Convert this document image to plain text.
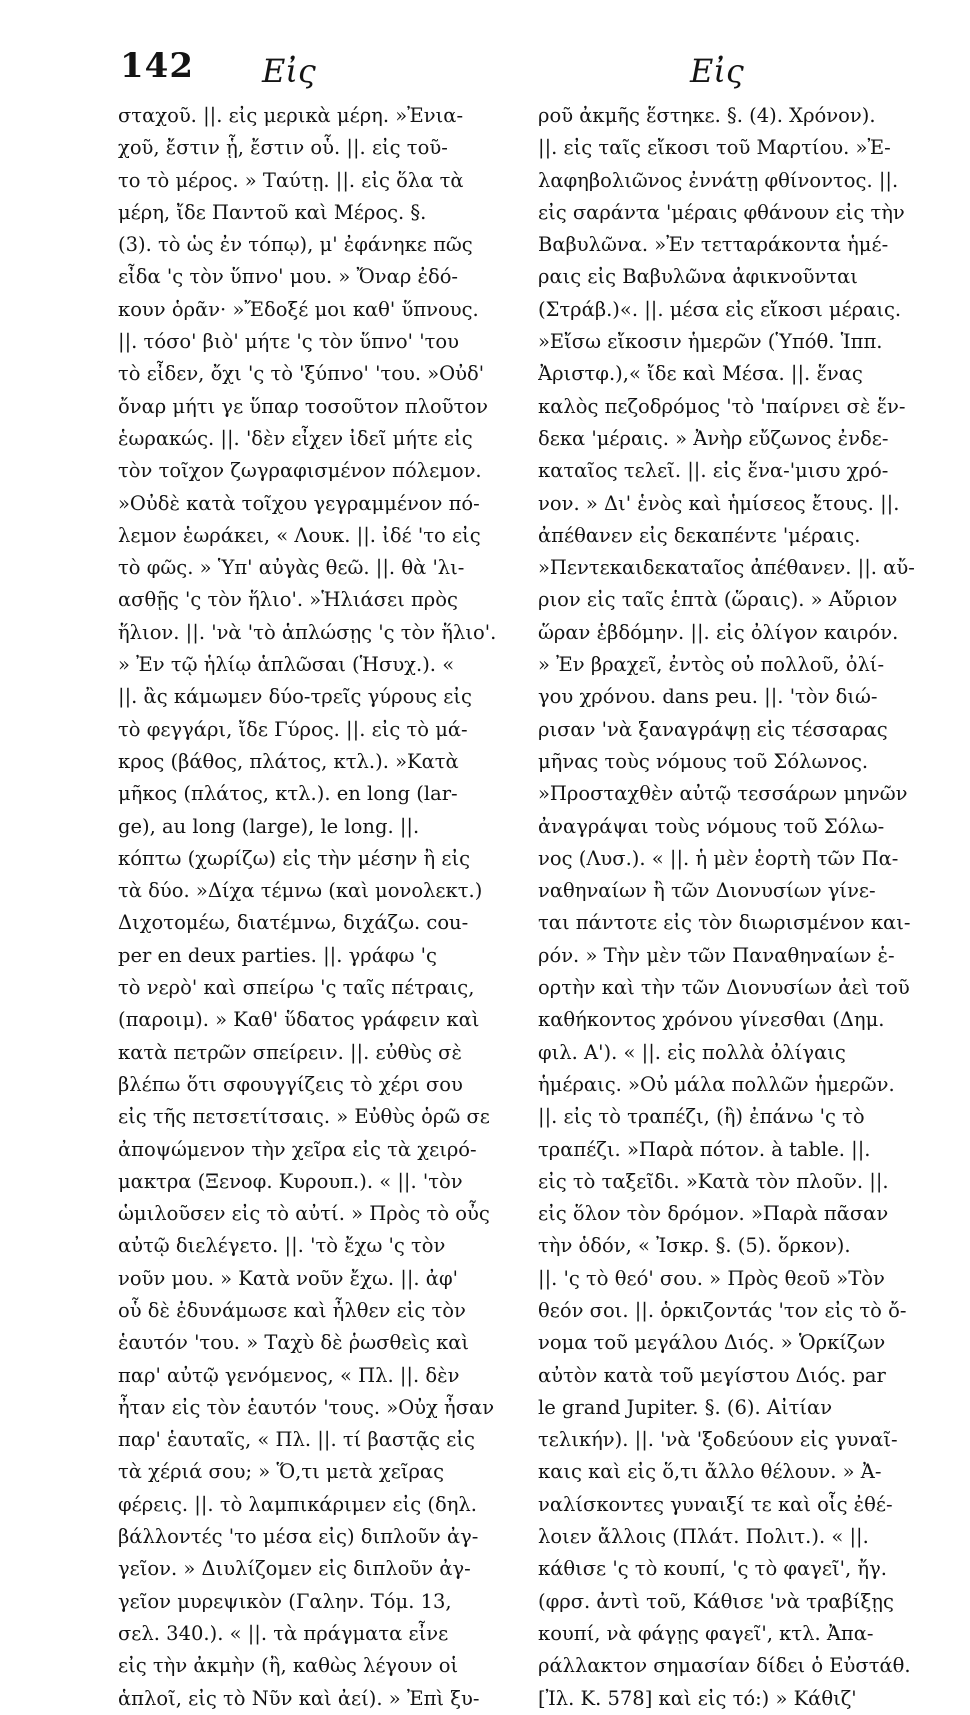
142 Εἰς	Εἰς
σταχοῦ. ||. εἰς μερικὰ μέρη. »Ἐνια-
χοῦ, ἔστιν ᾗ, ἔστιν οὗ. ||. εἰς τοῦ-
το τὸ μέρος. » Ταύτῃ. ||. εἰς ὅλα τὰ
μέρη, ἴδε Παντοῦ καὶ Μέρος. §.
(3). τὸ ὡς ἐν τόπῳ), μ' ἐφάνηκε πῶς
εἶδα 'ς τὸν ὕπνο' μου. » Ὄναρ ἐδό-
κουν ὁρᾶν· »Ἔδοξέ μοι καθ' ὕπνους.
||. τόσο' βιὸ' μήτε 'ς τὸν ὕπνο' 'του
τὸ εἶδεν, ὄχι 'ς τὸ 'ξύπνο' 'του. »Οὐδ'
ὄναρ μήτι γε ὕπαρ τοσοῦτον πλοῦτον
ἑωρακώς. ||. 'δὲν εἶχεν ἰδεῖ μήτε εἰς
τὸν τοῖχον ζωγραφισμένον πόλεμον.
»Οὐδὲ κατὰ τοῖχου γεγραμμένον πό-
λεμον ἑωράκει, « Λουκ. ||. ἰδέ 'το εἰς
τὸ φῶς. » Ὑπ' αὐγὰς θεῶ. ||. θὰ 'λι-
ασθῇς 'ς τὸν ἥλιο'. »Ἡλιάσει πρὸς
ἥλιον. ||. 'νὰ 'τὸ ἁπλώσῃς 'ς τὸν ἥλιο'.
» Ἐν τῷ ἡλίῳ ἁπλῶσαι (Ἡσυχ.). «
||. ἂς κάμωμεν δύο-τρεῖς γύρους εἰς
τὸ φεγγάρι, ἴδε Γύρος. ||. εἰς τὸ μά-
κρος (βάθος, πλάτος, κτλ.). »Κατὰ
μῆκος (πλάτος, κτλ.). en long (lar-
ge), au long (large), le long. ||.
κόπτω (χωρίζω) εἰς τὴν μέσην ἢ εἰς
τὰ δύο. »Δίχα τέμνω (καὶ μονολεκτ.)
Διχοτομέω, διατέμνω, διχάζω. cou-
per en deux parties. ||. γράφω 'ς
τὸ νερὸ' καὶ σπείρω 'ς ταῖς πέτραις,
(παροιμ). » Καθ' ὕδατος γράφειν καὶ
κατὰ πετρῶν σπείρειν. ||. εὐθὺς σὲ
βλέπω ὅτι σφουγγίζεις τὸ χέρι σου
εἰς τῆς πετσετίτσαις. » Εὐθὺς ὁρῶ σε
ἀποψώμενον τὴν χεῖρα εἰς τὰ χειρό-
μακτρα (Ξενοφ. Κυρουπ.). « ||. 'τὸν
ὡμιλοῦσεν εἰς τὸ αὐτί. » Πρὸς τὸ οὖς
αὐτῷ διελέγετο. ||. 'τὸ ἔχω 'ς τὸν
νοῦν μου. » Κατὰ νοῦν ἔχω. ||. ἀφ'
οὗ δὲ ἐδυνάμωσε καὶ ἦλθεν εἰς τὸν
ἑαυτόν 'του. » Ταχὺ δὲ ῥωσθεὶς καὶ
παρ' αὐτῷ γενόμενος, « Πλ. ||. δὲν
ἦταν εἰς τὸν ἑαυτόν 'τους. »Οὐχ ἦσαν
παρ' ἑαυταῖς, « Πλ. ||. τί βαστᾷς εἰς
τὰ χέριά σου; » Ὅ,τι μετὰ χεῖρας
φέρεις. ||. τὸ λαμπικάριμεν εἰς (δηλ.
βάλλοντές 'το μέσα εἰς) διπλοῦν ἀγ-
γεῖον. » Διυλίζομεν εἰς διπλοῦν ἀγ-
γεῖον μυρεψικὸν (Γαλην. Τόμ. 13,
σελ. 340.). « ||. τὰ πράγματα εἶνε
εἰς τὴν ἀκμὴν (ἢ, καθὼς λέγουν οἱ
ἁπλοῖ, εἰς τὸ Νῦν καὶ ἀεί). » Ἐπὶ ξυ-
ροῦ ἀκμῆς ἕστηκε. §. (4). Χρόνον).
||. εἰς ταῖς εἴκοσι τοῦ Μαρτίου. »Ἐ-
λαφηβολιῶνος ἐννάτῃ φθίνοντος. ||.
εἰς σαράντα 'μέραις φθάνουν εἰς τὴν
Βαβυλῶνα. »Ἐν τετταράκοντα ἡμέ-
ραις εἰς Βαβυλῶνα ἀφικνοῦνται
(Στράβ.)«. ||. μέσα εἰς εἴκοσι μέραις.
»Εἴσω εἴκοσιν ἡμερῶν (Ὑπόθ. Ἱππ.
Ἀριστφ.),« ἴδε καὶ Μέσα. ||. ἕνας
καλὸς πεζοδρόμος 'τὸ 'παίρνει σὲ ἕν-
δεκα 'μέραις. » Ἀνὴρ εὔζωνος ἐνδε-
καταῖος τελεῖ. ||. εἰς ἕνα-'μισυ χρό-
νον. » Δι' ἑνὸς καὶ ἡμίσεος ἔτους. ||.
ἀπέθανεν εἰς δεκαπέντε 'μέραις.
»Πεντεκαιδεκαταῖος ἀπέθανεν. ||. αὔ-
ριον εἰς ταῖς ἑπτὰ (ὥραις). » Αὔριον
ὥραν ἑβδόμην. ||. εἰς ὀλίγον καιρόν.
» Ἐν βραχεῖ, ἐντὸς οὐ πολλοῦ, ὀλί-
γου χρόνου. dans peu. ||. 'τὸν διώ-
ρισαν 'νὰ ξαναγράψῃ εἰς τέσσαρας
μῆνας τοὺς νόμους τοῦ Σόλωνος.
»Προσταχθὲν αὐτῷ τεσσάρων μηνῶν
ἀναγράψαι τοὺς νόμους τοῦ Σόλω-
νος (Λυσ.). « ||. ἡ μὲν ἑορτὴ τῶν Πα-
ναθηναίων ἢ τῶν Διονυσίων γίνε-
ται πάντοτε εἰς τὸν διωρισμένον και-
ρόν. » Τὴν μὲν τῶν Παναθηναίων ἑ-
ορτὴν καὶ τὴν τῶν Διονυσίων ἀεὶ τοῦ
καθήκοντος χρόνου γίνεσθαι (Δημ.
φιλ. Α'). « ||. εἰς πολλὰ ὀλίγαις
ἡμέραις. »Οὐ μάλα πολλῶν ἡμερῶν.
||. εἰς τὸ τραπέζι, (ἢ) ἐπάνω 'ς τὸ
τραπέζι. »Παρὰ πότον. à table. ||.
εἰς τὸ ταξεῖδι. »Κατὰ τὸν πλοῦν. ||.
εἰς ὅλον τὸν δρόμον. »Παρὰ πᾶσαν
τὴν ὁδόν, « Ἰσκρ. §. (5). ὅρκον).
||. 'ς τὸ θεό' σου. » Πρὸς θεοῦ »Τὸν
θεόν σοι. ||. ὁρκιζοντάς 'τον εἰς τὸ ὄ-
νομα τοῦ μεγάλου Διός. » Ὁρκίζων
αὐτὸν κατὰ τοῦ μεγίστου Διός. par
le grand Jupiter. §. (6). Αἰτίαν
τελικήν). ||. 'νὰ 'ξοδεύουν εἰς γυναῖ-
καις καὶ εἰς ὅ,τι ἄλλο θέλουν. » Ἀ-
ναλίσκοντες γυναιξί τε καὶ οἷς ἐθέ-
λοιεν ἄλλοις (Πλάτ. Πολιτ.). « ||.
κάθισε 'ς τὸ κουπί, 'ς τὸ φαγεῖ', ἤγ.
(φρσ. ἀντὶ τοῦ, Κάθισε 'νὰ τραβίξῃς
κουπί, νὰ φάγῃς φαγεῖ', κτλ. Ἀπα-
ράλλακτον σημασίαν δίδει ὁ Εὐστάθ.
[Ἰλ. Κ. 578] καὶ εἰς τό:) » Κάθιζ'
